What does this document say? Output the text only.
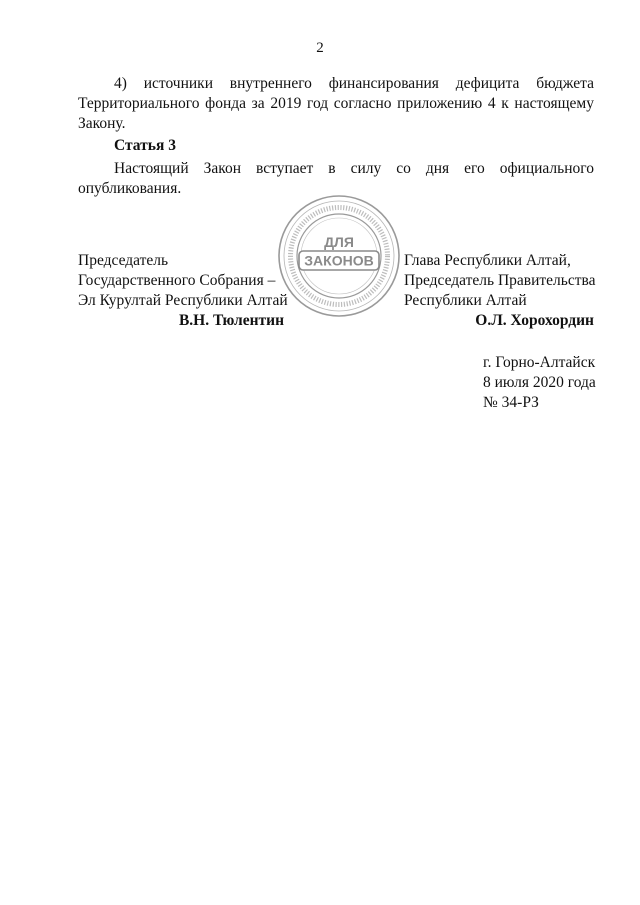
2

4) источники внутреннего финансирования дефицита бюджета Территориального фонда за 2019 год согласно приложению 4 к настоящему Закону.

Статья 3

Настоящий Закон вступает в силу со дня его официального опубликования.

ДЛЯ
ЗАКОНОВ
Председатель
Государственного Собрания –
Эл Курултай Республики Алтай
В.Н. Тюлентин
Глава Республики Алтай,
Председатель Правительства
Республики Алтай
О.Л. Хорохордин
г. Горно-Алтайск
8 июля 2020 года
№ 34-РЗ
